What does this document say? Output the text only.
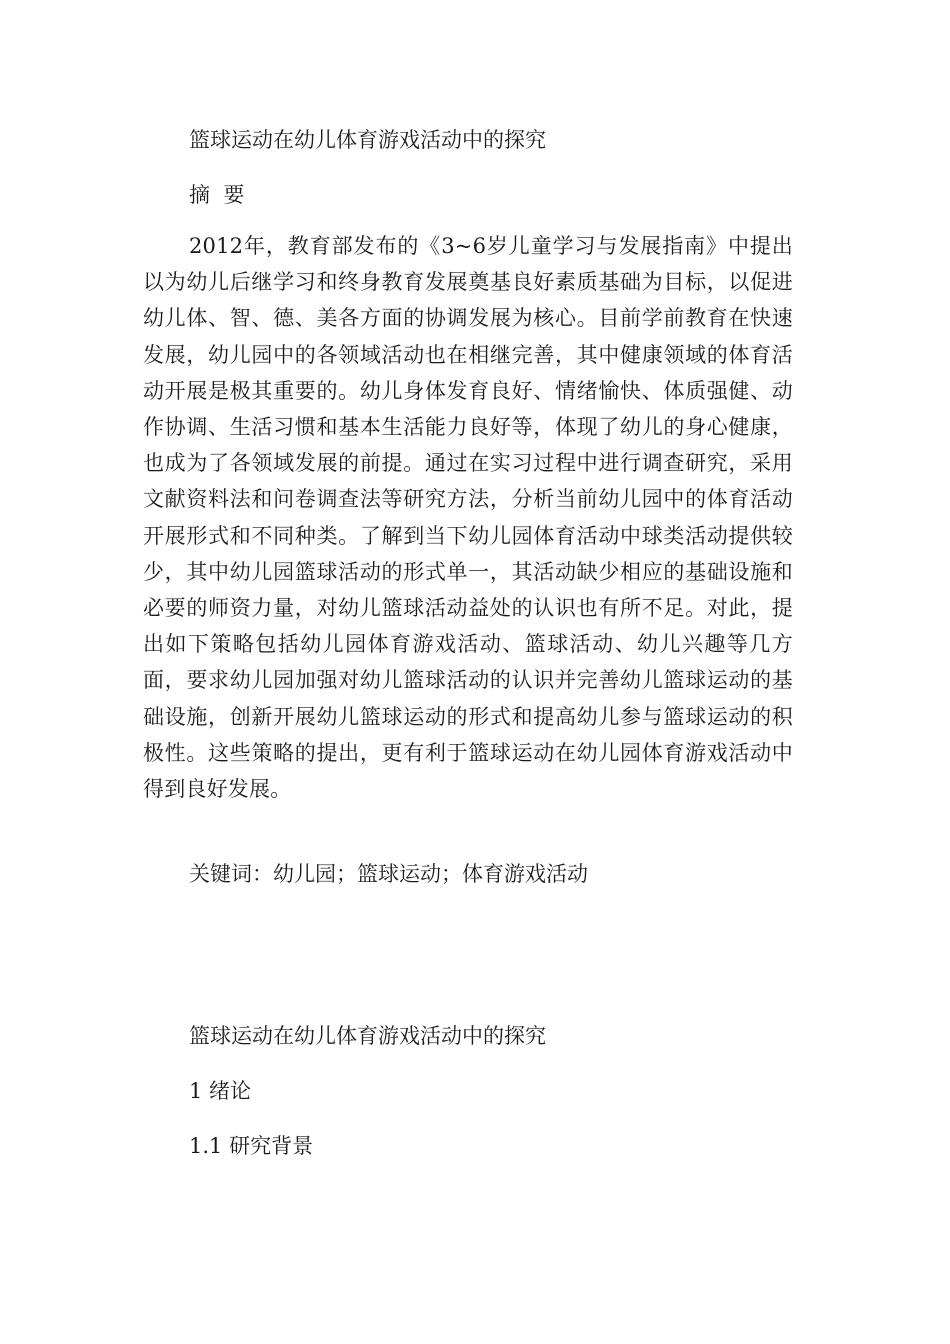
篮球运动在幼儿体育游戏活动中的探究

摘  要

2012年，教育部发布的《3~6岁儿童学习与发展指南》中提出以为幼儿后继学习和终身教育发展奠基良好素质基础为目标，以促进幼儿体、智、德、美各方面的协调发展为核心。目前学前教育在快速发展，幼儿园中的各领域活动也在相继完善，其中健康领域的体育活动开展是极其重要的。幼儿身体发育良好、情绪愉快、体质强健、动作协调、生活习惯和基本生活能力良好等，体现了幼儿的身心健康，也成为了各领域发展的前提。通过在实习过程中进行调查研究，采用文献资料法和问卷调查法等研究方法，分析当前幼儿园中的体育活动开展形式和不同种类。了解到当下幼儿园体育活动中球类活动提供较少，其中幼儿园篮球活动的形式单一，其活动缺少相应的基础设施和必要的师资力量，对幼儿篮球活动益处的认识也有所不足。对此，提出如下策略包括幼儿园体育游戏活动、篮球活动、幼儿兴趣等几方面，要求幼儿园加强对幼儿篮球活动的认识并完善幼儿篮球运动的基础设施，创新开展幼儿篮球运动的形式和提高幼儿参与篮球运动的积极性。这些策略的提出，更有利于篮球运动在幼儿园体育游戏活动中得到良好发展。

关键词：幼儿园；篮球运动；体育游戏活动

篮球运动在幼儿体育游戏活动中的探究

1 绪论

1.1 研究背景
